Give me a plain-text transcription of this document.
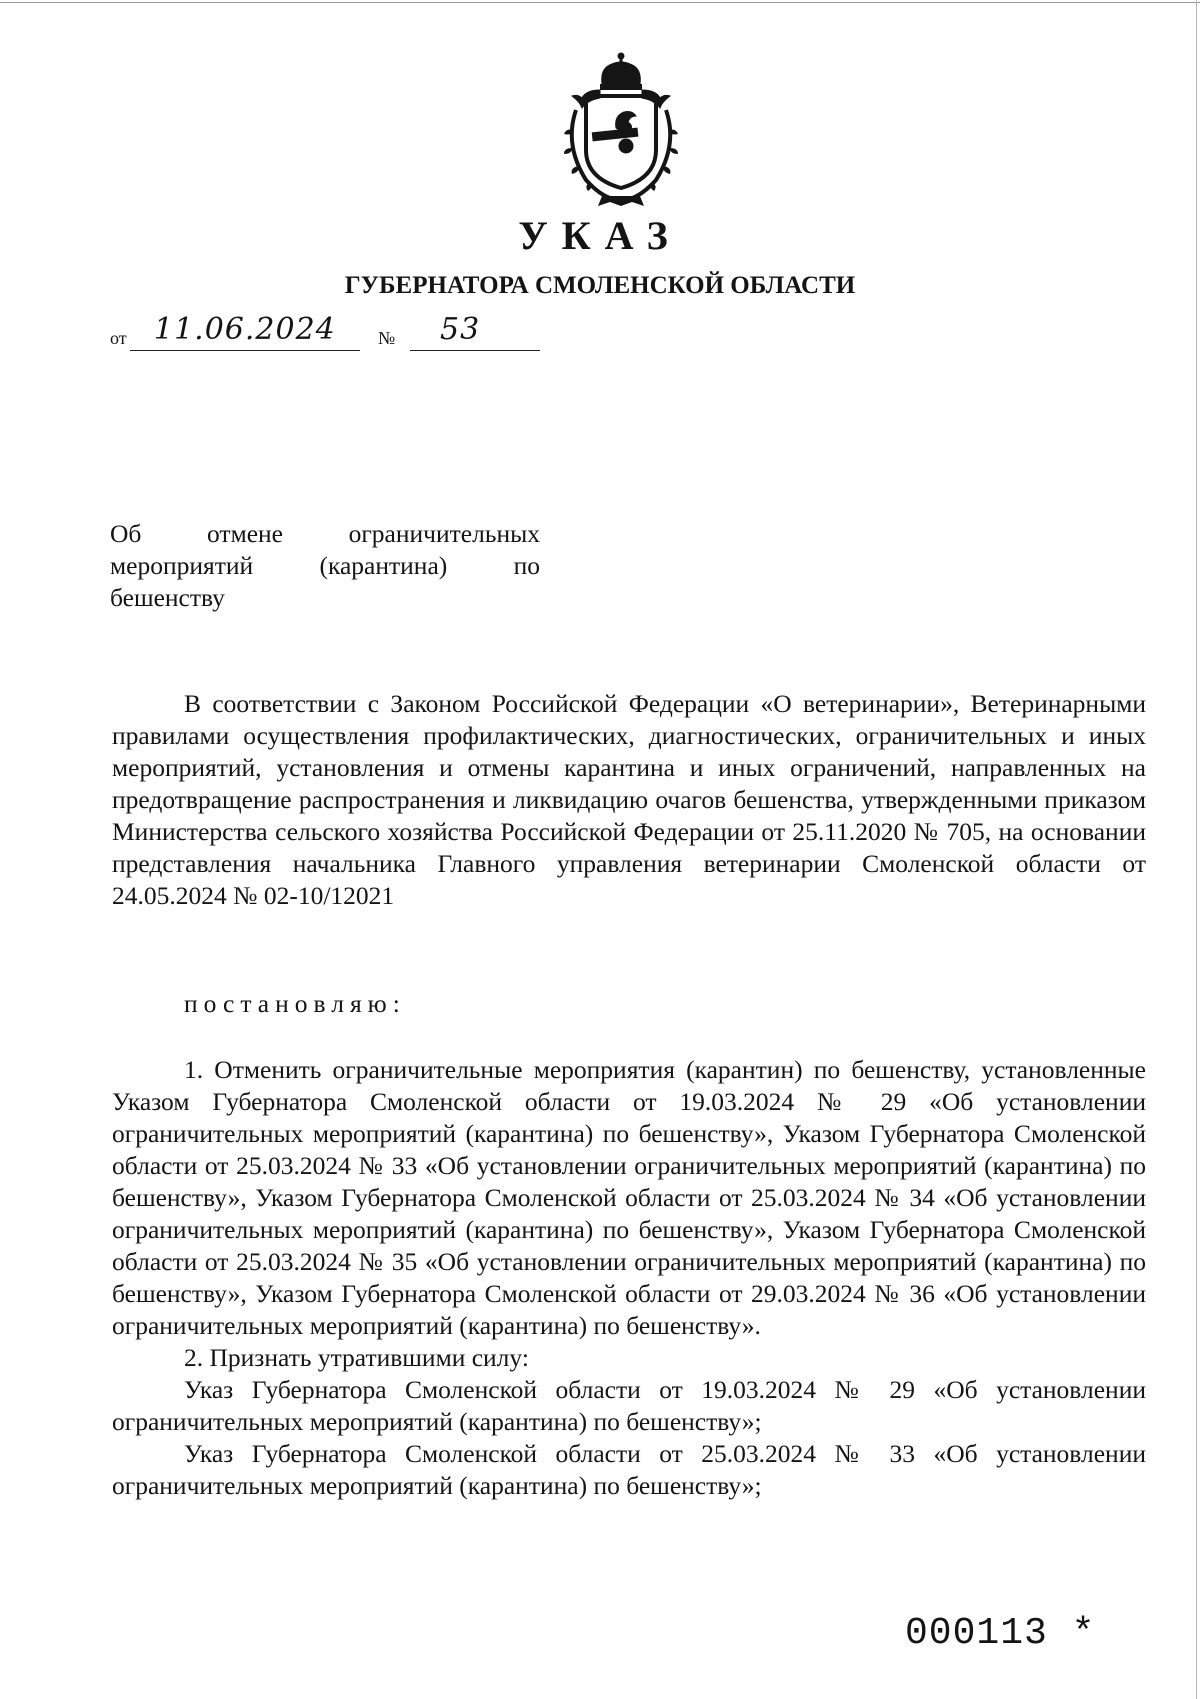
УКАЗ
ГУБЕРНАТОРА СМОЛЕНСКОЙ ОБЛАСТИ
от 11.06.2024 № 53
Об отмене ограничительных мероприятий (карантина) по
бешенству

В соответствии с Законом Российской Федерации «О ветеринарии», Ветеринарными правилами осуществления профилактических, диагностических, ограничительных и иных мероприятий, установления и отмены карантина и иных ограничений, направленных на предотвращение распространения и ликвидацию очагов бешенства, утвержденными приказом Министерства сельского хозяйства Российской Федерации от 25.11.2020 № 705, на основании представления начальника Главного управления ветеринарии Смоленской области от 24.05.2024 № 02-10/12021

постановляю:

1. Отменить ограничительные мероприятия (карантин) по бешенству, установленные Указом Губернатора Смоленской области от 19.03.2024 № 29 «Об установлении ограничительных мероприятий (карантина) по бешенству», Указом Губернатора Смоленской области от 25.03.2024 № 33 «Об установлении ограничительных мероприятий (карантина) по бешенству», Указом Губернатора Смоленской области от 25.03.2024 № 34 «Об установлении ограничительных мероприятий (карантина) по бешенству», Указом Губернатора Смоленской области от 25.03.2024 № 35 «Об установлении ограничительных мероприятий (карантина) по бешенству», Указом Губернатора Смоленской области от 29.03.2024 № 36 «Об установлении ограничительных мероприятий (карантина) по бешенству».

2. Признать утратившими силу:

Указ Губернатора Смоленской области от 19.03.2024 № 29 «Об установлении ограничительных мероприятий (карантина) по бешенству»;

Указ Губернатора Смоленской области от 25.03.2024 № 33 «Об установлении ограничительных мероприятий (карантина) по бешенству»;

000113 *
